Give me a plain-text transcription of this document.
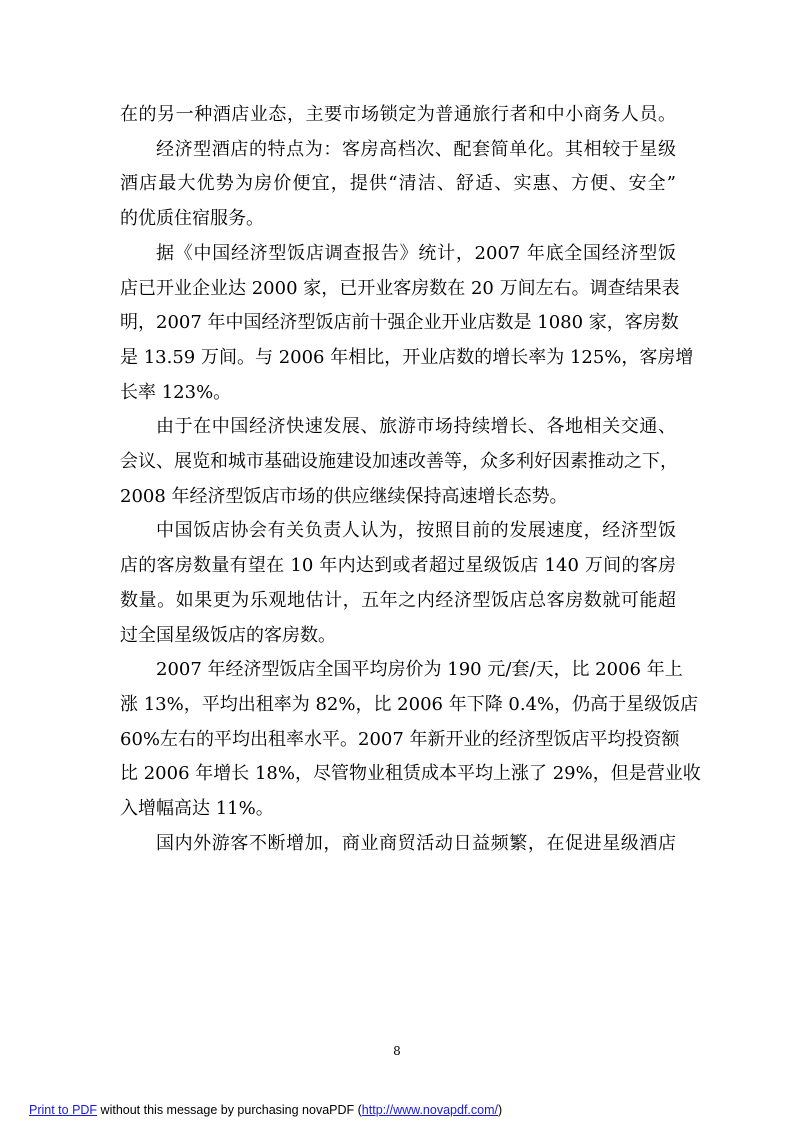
在的另一种酒店业态，主要市场锁定为普通旅行者和中小商务人员。

经济型酒店的特点为：客房高档次、配套简单化。其相较于星级
酒店最大优势为房价便宜，提供“清洁、舒适、实惠、方便、安全”
的优质住宿服务。

据《中国经济型饭店调查报告》统计，2007 年底全国经济型饭
店已开业企业达 2000 家，已开业客房数在 20 万间左右。调查结果表
明，2007 年中国经济型饭店前十强企业开业店数是 1080 家，客房数
是 13.59 万间。与 2006 年相比，开业店数的增长率为 125%，客房增
长率 123%。

由于在中国经济快速发展、旅游市场持续增长、各地相关交通、
会议、展览和城市基础设施建设加速改善等，众多利好因素推动之下，
2008 年经济型饭店市场的供应继续保持高速增长态势。

中国饭店协会有关负责人认为，按照目前的发展速度，经济型饭
店的客房数量有望在 10 年内达到或者超过星级饭店 140 万间的客房
数量。如果更为乐观地估计，五年之内经济型饭店总客房数就可能超
过全国星级饭店的客房数。

2007 年经济型饭店全国平均房价为 190 元/套/天，比 2006 年上
涨 13%，平均出租率为 82%，比 2006 年下降 0.4%，仍高于星级饭店
60%左右的平均出租率水平。2007 年新开业的经济型饭店平均投资额
比 2006 年增长 18%，尽管物业租赁成本平均上涨了 29%，但是营业收
入增幅高达 11%。

国内外游客不断增加，商业商贸活动日益频繁，在促进星级酒店

8
Print to PDF without this message by purchasing novaPDF (http://www.novapdf.com/)
